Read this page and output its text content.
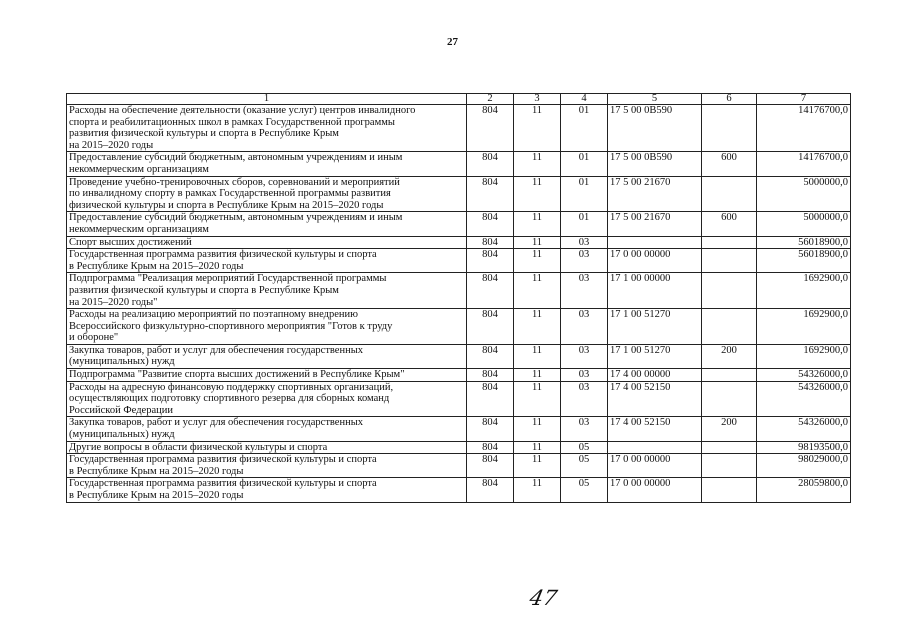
27
1	2	3	4	5	6	7
Расходы на обеспечение деятельности (оказание услуг) центров инвалидного
спорта и реабилитационных школ в рамках Государственной программы
развития физической культуры и спорта в Республике Крым
на 2015–2020 годы	804	11	01	17 5 00 0В590		14176700,0
Предоставление субсидий бюджетным, автономным учреждениям и иным
некоммерческим организациям	804	11	01	17 5 00 0В590	600	14176700,0
Проведение учебно-тренировочных сборов, соревнований и мероприятий
по инвалидному спорту в рамках Государственной программы развития
физической культуры и спорта в Республике Крым на 2015–2020 годы	804	11	01	17 5 00 21670		5000000,0
Предоставление субсидий бюджетным, автономным учреждениям и иным
некоммерческим организациям	804	11	01	17 5 00 21670	600	5000000,0
Спорт высших достижений	804	11	03			56018900,0
Государственная программа развития физической культуры и спорта
в Республике Крым на 2015–2020 годы	804	11	03	17 0 00 00000		56018900,0
Подпрограмма "Реализация мероприятий Государственной программы
развития физической культуры и спорта в Республике Крым
на 2015–2020 годы"	804	11	03	17 1 00 00000		1692900,0
Расходы на реализацию мероприятий по поэтапному внедрению
Всероссийского физкультурно-спортивного мероприятия "Готов к труду
и обороне"	804	11	03	17 1 00 51270		1692900,0
Закупка товаров, работ и услуг для обеспечения государственных
(муниципальных) нужд	804	11	03	17 1 00 51270	200	1692900,0
Подпрограмма "Развитие спорта высших достижений в Республике Крым"	804	11	03	17 4 00 00000		54326000,0
Расходы на адресную финансовую поддержку спортивных организаций,
осуществляющих подготовку спортивного резерва для сборных команд
Российской Федерации	804	11	03	17 4 00 52150		54326000,0
Закупка товаров, работ и услуг для обеспечения государственных
(муниципальных) нужд	804	11	03	17 4 00 52150	200	54326000,0
Другие вопросы в области физической культуры и спорта	804	11	05			98193500,0
Государственная программа развития физической культуры и спорта
в Республике Крым на 2015–2020 годы	804	11	05	17 0 00 00000		98029000,0
Государственная программа развития физической культуры и спорта
в Республике Крым на 2015–2020 годы	804	11	05	17 0 00 00000		28059800,0
47
